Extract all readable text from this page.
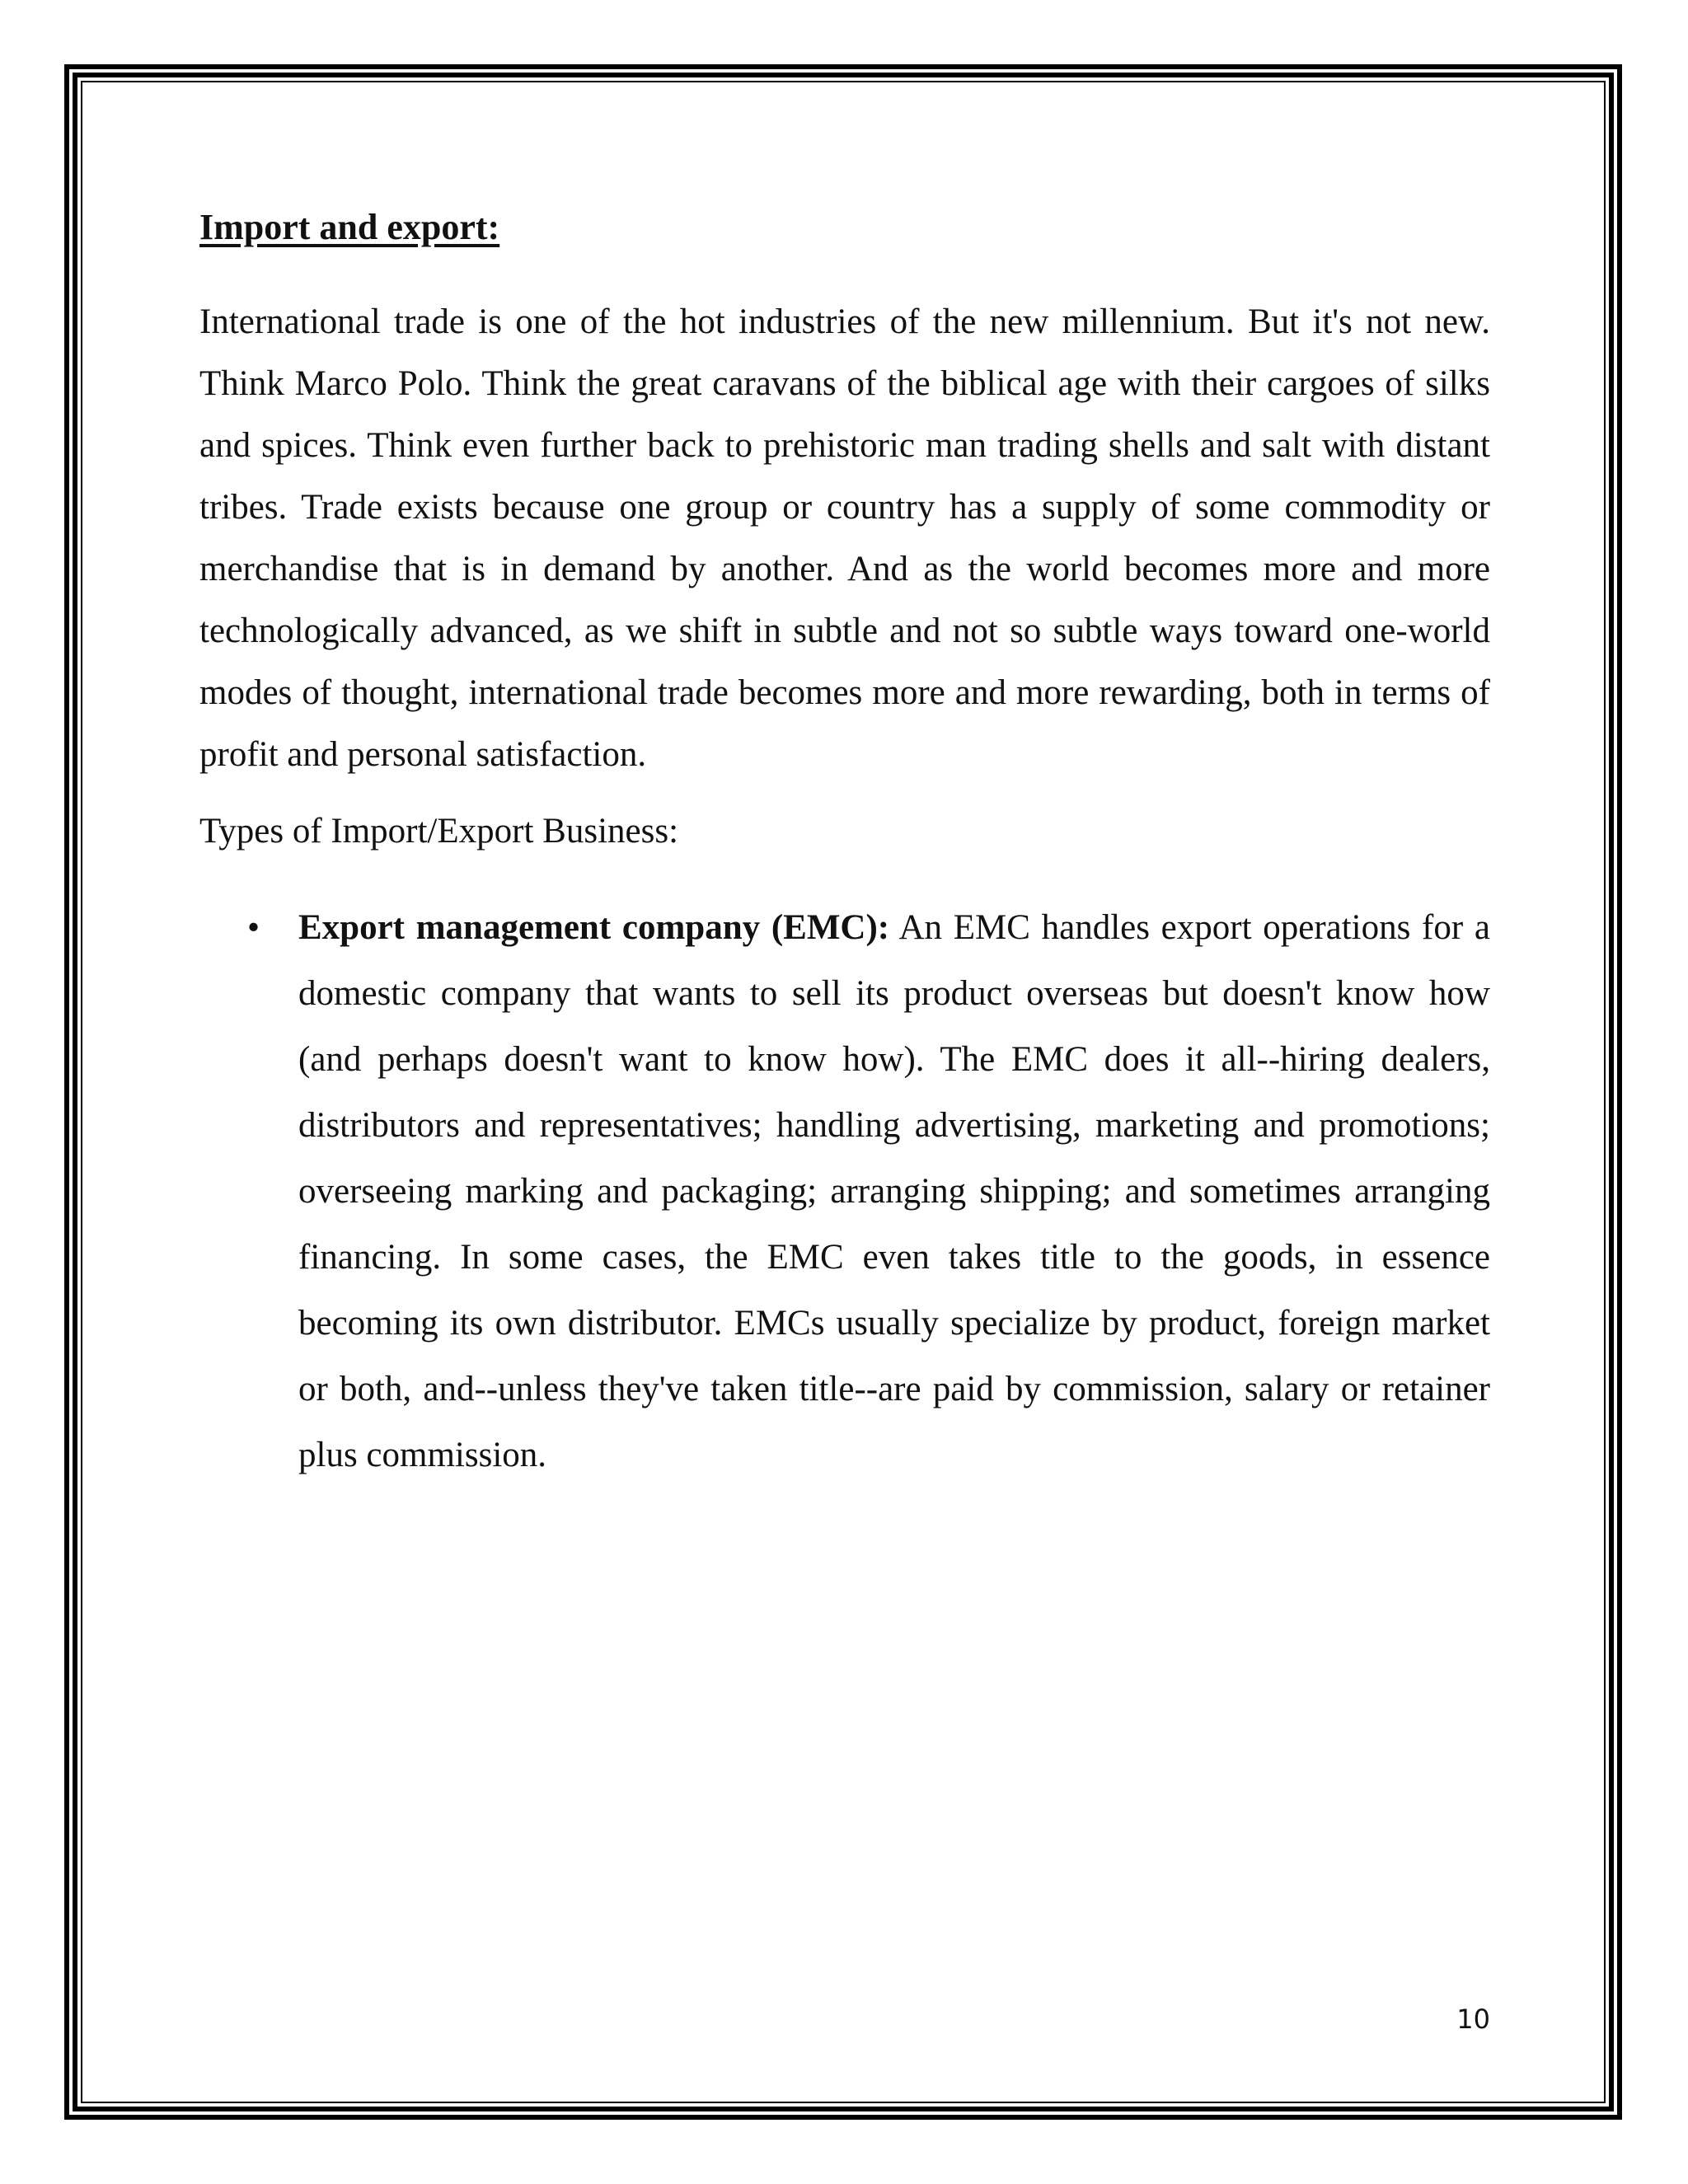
Import and export:

International trade is one of the hot industries of the new millennium. But it's not new. Think Marco Polo. Think the great caravans of the biblical age with their cargoes of silks and spices. Think even further back to prehistoric man trading shells and salt with distant tribes. Trade exists because one group or country has a supply of some commodity or merchandise that is in demand by another. And as the world becomes more and more technologically advanced, as we shift in subtle and not so subtle ways toward one-world modes of thought, international trade becomes more and more rewarding, both in terms of profit and personal satisfaction.

Types of Import/Export Business:

• Export management company (EMC): An EMC handles export operations for a domestic company that wants to sell its product overseas but doesn't know how (and perhaps doesn't want to know how). The EMC does it all--hiring dealers, distributors and representatives; handling advertising, marketing and promotions; overseeing marking and packaging; arranging shipping; and sometimes arranging financing. In some cases, the EMC even takes title to the goods, in essence becoming its own distributor. EMCs usually specialize by product, foreign market or both, and--unless they've taken title--are paid by commission, salary or retainer plus commission.
10
